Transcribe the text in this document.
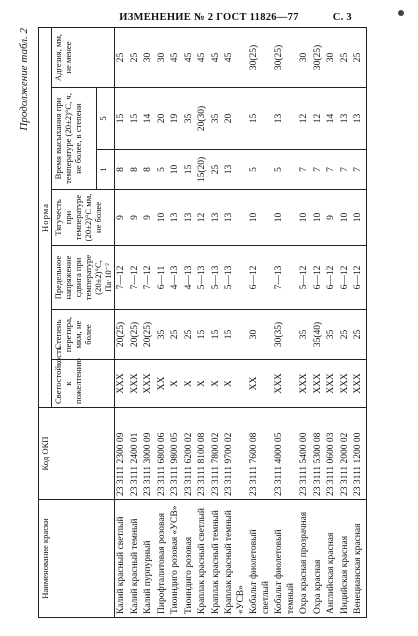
ИЗМЕНЕНИЕ № 2 ГОСТ 11826—77	С. 3
Продолжение табл. 2
Наименование краски	Код ОКП	Норма						
		Светостойкость к пожелтению	Степень перетира, мкм, не более	Предельное напряжение сдвига при температуре (20±2)°С, Па·10⁻²	Тягучесть при температуре (20±2)°С мм, не более	Время высыхания при температуре (20±2)°С, ч, не более, в степени		Адгезия, мм, не менее
						1	5	
Калий красный светлый	23 3111 2300 09	ХХХ	20(25)	7—12	9	8	15	25
Калий красный темный	23 3111 2400 01	ХХХ	20(25)	7—12	9	8	15	25
Калий пурпурный	23 3111 3000 09	ХХХ	20(25)	7—12	9	8	14	30
Пирофталитовая розовая	23 3111 6800 06	ХХ	35	6—11	10	5	20	30
Тиоиндиго розовая «УСВ»	23 3111 9800 05	Х	25	4—13	13	10	19	45
Тиоиндиго розовая	23 3111 6200 02	Х	25	4—13	13	15	35	45
Краплак красный светлый	23 3111 8100 08	Х	15	5—13	12	15(20)	20(30)	45
Краплак красный темный	23 3111 7800 02	Х	15	5—13	13	25	35	45
Краплак красный темный «УСВ»	23 3111 9700 02	Х	15	5—13	13	13	20	45
Кобальт фиолетовый светлый	23 3111 7600 08	ХХ	30	6—12	10	5	15	30(25)
Кобальт фиолетовый темный	23 3111 4000 05	ХХХ	30(35)	7—13	10	5	13	30(25)
Охра красная прозрачная	23 3111 5400 00	ХХХ	35	5—12	10	7	12	30
Охра красная	23 3111 5300 08	ХХХ	35(40)	6—12	10	7	12	30(25)
Английская красная	23 3111 0600 03	ХХХ	35	6—12	9	7	14	30
Индийская красная	23 3111 2000 02	ХХХ	25	6—12	10	7	13	25
Венецианская красная	23 3111 1200 00	ХХХ	25	6—12	10	7	13	25
